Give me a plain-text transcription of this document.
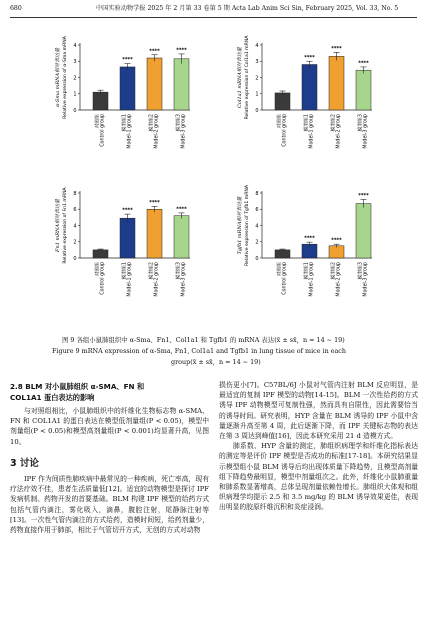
680	中国实验动物学报 2025 年 2 月第 33 卷第 5 期 Acta Lab Anim Sci Sin, February 2025, Vol. 33, No. 5
α-Sma mRNA相对表达量 Relative expression of α-Sma mRNA 0
1
2
3
4
对照组 Control group
****
模型组1 Model-1 group
****
模型组2 Model-2 group
****
模型组3 Model-3 group
Col1a1 mRNA相对表达量 Relative expression of Col1a1 mRNA 0
1
2
3
4
对照组 Control group
****
模型组1 Model-1 group
****
模型组2 Model-2 group
****
模型组3 Model-3 group
Fn1 mRNA相对表达量 Relative expression of Fn1 mRNA 0
2
4
6
8
对照组 Control group
****
模型组1 Model-1 group
****
模型组2 Model-2 group
****
模型组3 Model-3 group
Tgfb1 mRNA相对表达量 Relative expression of Tgfb1 mRNA 0
2
4
6
8
对照组 Control group
****
模型组1 Model-1 group
****
模型组2 Model-2 group
****
模型组3 Model-3 group
图 9 各组小鼠肺组织中 α-Sma、Fn1、Col1a1 和 Tgfb1 的 mRNA 表达(x̄ ± sx̄，n = 14 ~ 19)
Figure 9 mRNA expression of α-Sma, Fn1, Col1a1 and Tgfb1 in lung tissue of mice in each
group(x̄ ± sx̄，n = 14 ~ 19)
2.8 BLM 对小鼠肺组织 α-SMA、FN 和
COL1A1 蛋白表达的影响

与对照组相比，小鼠肺组织中的纤维化生物标志物 α-SMA、FN 和 COL1A1 的蛋白表达在模型低剂量组(P < 0.05)，模型中剂量组(P < 0.05)和模型高剂量组(P < 0.001)均显著升高，见图 10。

3 讨论

IPF 作为间质性肺疾病中最常见的一种疾病，死亡率高，现有疗法疗效不佳，患者生活质量低[12]。适宜的动物模型是探讨 IPF 发病机制、药物开发的首要基础。BLM 构建 IPF 模型的给药方式包括气管内滴注，雾化吸入，滴鼻，腹腔注射，尾静脉注射等[13]。一次性气管内滴注的方式给药，造模时间短，给药剂量少，药物直接作用于肺部，相比于气管切开方式，无创的方式对动物

损伤更小[7]。C57BL/6J 小鼠对气管内注射 BLM 反应明显，是最适宜的复制 IPF 模型的动物[14-15]。BLM 一次性给药的方式诱导 IPF 动物模型可复制性强，然而具有自限性，因此需要恰当的诱导时间。研究表明，HYP 含量在 BLM 诱导的 IPF 小鼠中含量逐渐升高至第 4 周，此后逐渐下降，而 IPF 关键标志物的表达在第 3 周达到峰值[16]，因此本研究采用 21 d 造模方式。

肺系数、HYP 含量的测定，肺组织病理学和纤维化指标表达的测定等是评价 IPF 模型是否成功的标准[17-18]。本研究结果显示模型组小鼠 BLM 诱导后均出现体质量下降趋势，且模型高剂量组下降趋势最明显，模型中剂量组次之。此外，纤维化小鼠肺重量和肺系数显著增高，总体呈现剂量依赖性增长。肺组织大体观和组织病理学均提示 2.5 和 3.5 mg/kg 的 BLM 诱导效果更佳，表现出明显的胶原纤维沉积和炎症浸润。
